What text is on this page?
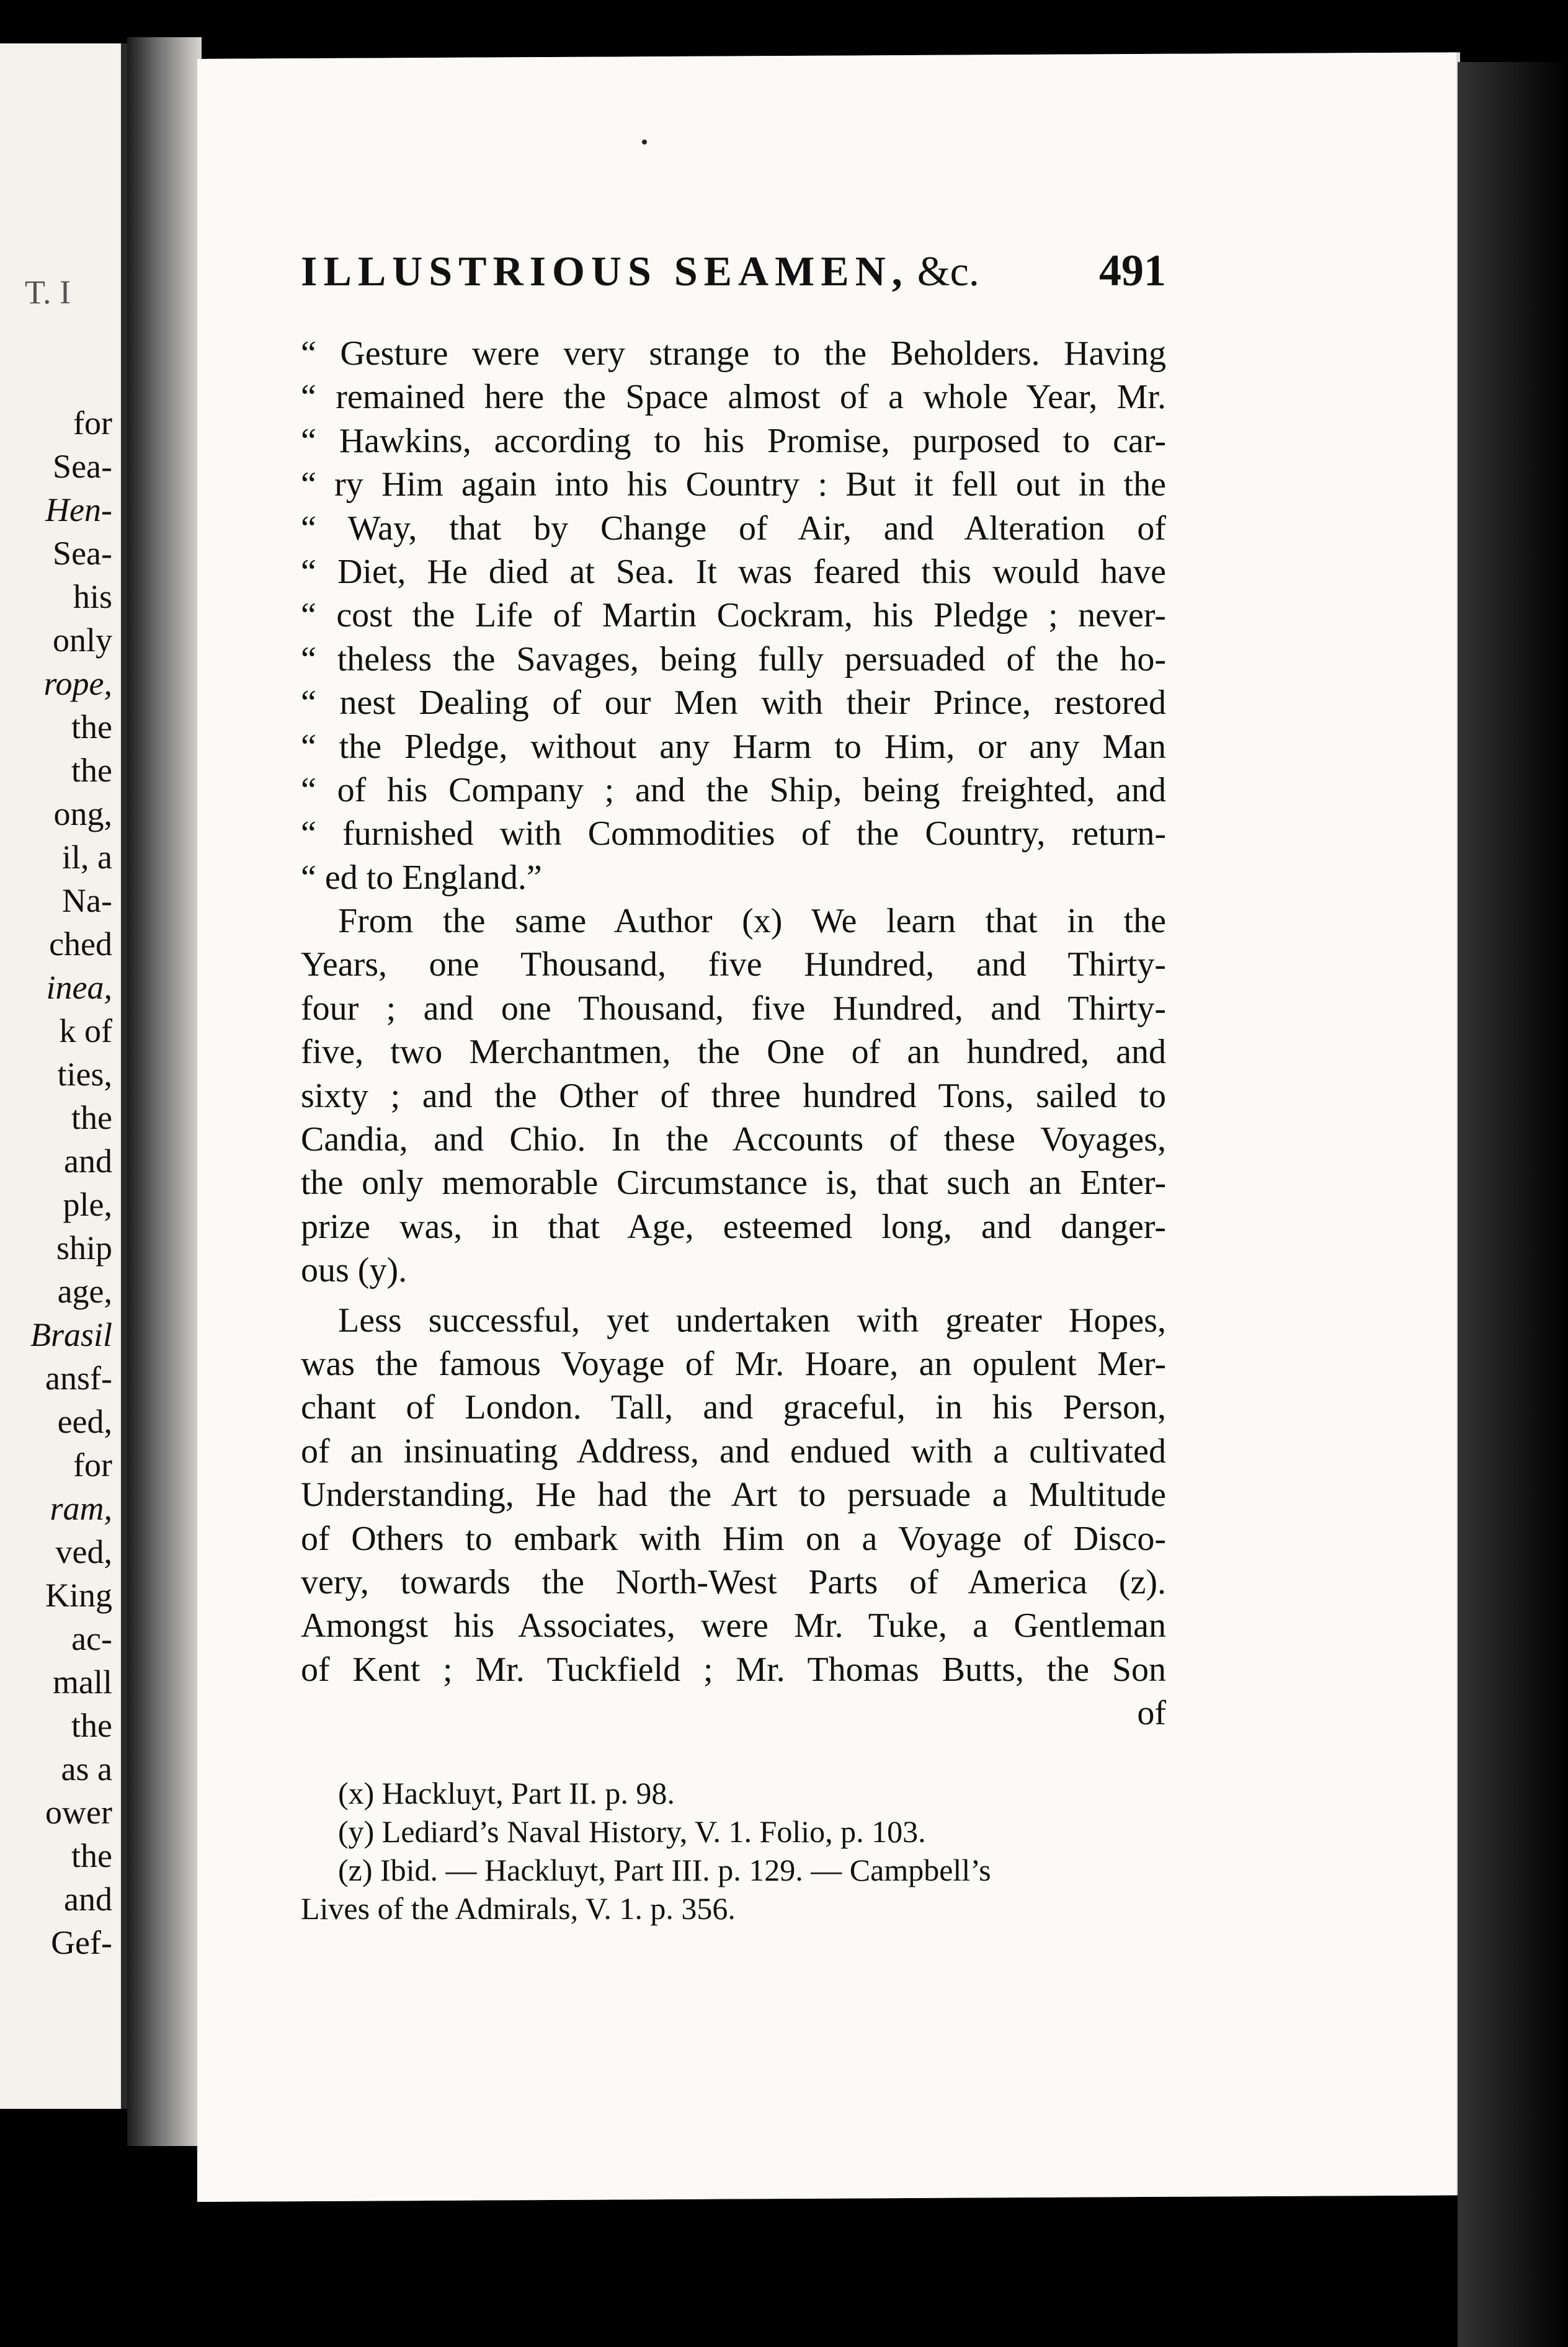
T. I
for
Sea-
Hen-
Sea-
his
only
rope,
the
the
ong,
il, a
Na-
ched
inea,
k of
ties,
the
and
ple,
ship
age,
Brasil
ansf-
eed,
for
ram,
ved,
King
ac-
mall
the
as a
ower
the
and
Gef-
ILLUSTRIOUS SEAMEN, &c.	491
“ Gesture were very strange to the Beholders. Having
“ remained here the Space almost of a whole Year, Mr.
“ Hawkins, according to his Promise, purposed to car-
“ ry Him again into his Country : But it fell out in the
“ Way, that by Change of Air, and Alteration of
“ Diet, He died at Sea. It was feared this would have
“ cost the Life of Martin Cockram, his Pledge ; never-
“ theless the Savages, being fully persuaded of the ho-
“ nest Dealing of our Men with their Prince, restored
“ the Pledge, without any Harm to Him, or any Man
“ of his Company ; and the Ship, being freighted, and
“ furnished with Commodities of the Country, return-
“ ed to England.”
From the same Author (x) We learn that in the
Years, one Thousand, five Hundred, and Thirty-
four ; and one Thousand, five Hundred, and Thirty-
five, two Merchantmen, the One of an hundred, and
sixty ; and the Other of three hundred Tons, sailed to
Candia, and Chio. In the Accounts of these Voyages,
the only memorable Circumstance is, that such an Enter-
prize was, in that Age, esteemed long, and danger-
ous (y).
Less successful, yet undertaken with greater Hopes,
was the famous Voyage of Mr. Hoare, an opulent Mer-
chant of London. Tall, and graceful, in his Person,
of an insinuating Address, and endued with a cultivated
Understanding, He had the Art to persuade a Multitude
of Others to embark with Him on a Voyage of Disco-
very, towards the North-West Parts of America (z).
Amongst his Associates, were Mr. Tuke, a Gentleman
of Kent ; Mr. Tuckfield ; Mr. Thomas Butts, the Son
of
(x) Hackluyt, Part II. p. 98.
(y) Lediard’s Naval History, V. 1. Folio, p. 103.
(z) Ibid. — Hackluyt, Part III. p. 129. — Campbell’s
Lives of the Admirals, V. 1. p. 356.
